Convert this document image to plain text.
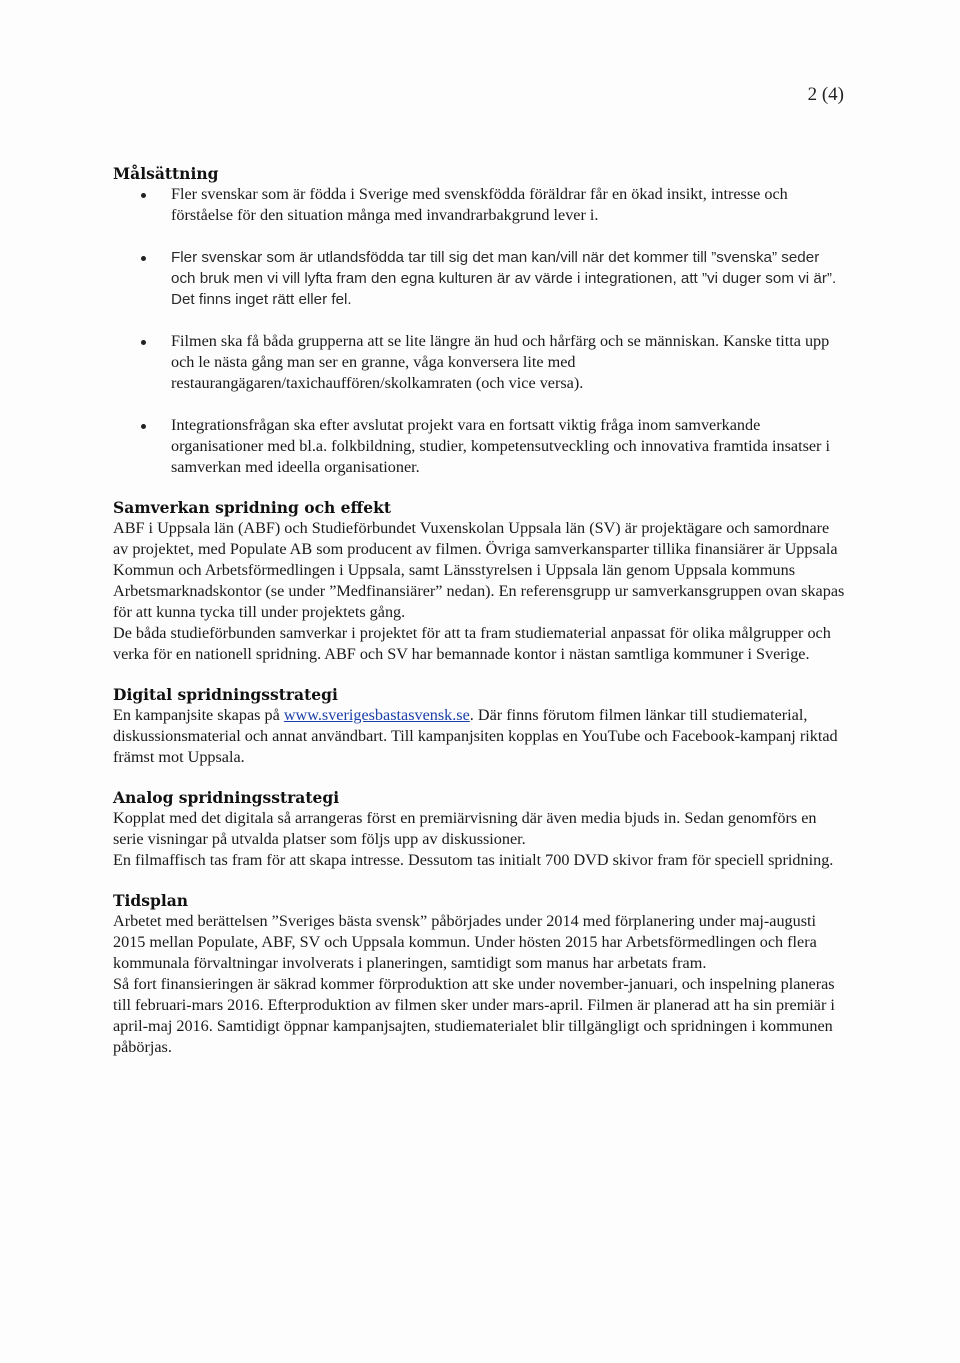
2 (4)
Målsättning
Fler svenskar som är födda i Sverige med svenskfödda föräldrar får en ökad insikt, intresse och förståelse för den situation många med invandrarbakgrund lever i.
Fler svenskar som är utlandsfödda tar till sig det man kan/vill när det kommer till ”svenska” seder och bruk men vi vill lyfta fram den egna kulturen är av värde i integrationen, att ”vi duger som vi är”. Det finns inget rätt eller fel.
Filmen ska få båda grupperna att se lite längre än hud och hårfärg och se människan. Kanske titta upp och le nästa gång man ser en granne, våga konversera lite med restaurangägaren/taxichauffören/skolkamraten (och vice versa).
Integrationsfrågan ska efter avslutat projekt vara en fortsatt viktig fråga inom samverkande organisationer med bl.a. folkbildning, studier, kompetensutveckling och innovativa framtida insatser i samverkan med ideella organisationer.
Samverkan spridning och effekt

ABF i Uppsala län (ABF) och Studieförbundet Vuxenskolan Uppsala län (SV) är projektägare och samordnare av projektet, med Populate AB som producent av filmen. Övriga samverkansparter tillika finansiärer är Uppsala Kommun och Arbetsförmedlingen i Uppsala, samt Länsstyrelsen i Uppsala län genom Uppsala kommuns Arbetsmarknadskontor (se under ”Medfinansiärer” nedan). En referensgrupp ur samverkansgruppen ovan skapas för att kunna tycka till under projektets gång.

De båda studieförbunden samverkar i projektet för att ta fram studiematerial anpassat för olika målgrupper och verka för en nationell spridning. ABF och SV har bemannade kontor i nästan samtliga kommuner i Sverige.

Digital spridningsstrategi

En kampanjsite skapas på www.sverigesbastasvensk.se. Där finns förutom filmen länkar till studiematerial, diskussionsmaterial och annat användbart. Till kampanjsiten kopplas en YouTube och Facebook-kampanj riktad främst mot Uppsala.

Analog spridningsstrategi

Kopplat med det digitala så arrangeras först en premiärvisning där även media bjuds in. Sedan genomförs en serie visningar på utvalda platser som följs upp av diskussioner.

En filmaffisch tas fram för att skapa intresse. Dessutom tas initialt 700 DVD skivor fram för speciell spridning.

Tidsplan

Arbetet med berättelsen ”Sveriges bästa svensk” påbörjades under 2014 med förplanering under maj-augusti 2015 mellan Populate, ABF, SV och Uppsala kommun. Under hösten 2015 har Arbetsförmedlingen och flera kommunala förvaltningar involverats i planeringen, samtidigt som manus har arbetats fram.

Så fort finansieringen är säkrad kommer förproduktion att ske under november-januari, och inspelning planeras till februari-mars 2016. Efterproduktion av filmen sker under mars-april. Filmen är planerad att ha sin premiär i april-maj 2016. Samtidigt öppnar kampanjsajten, studiematerialet blir tillgängligt och spridningen i kommunen påbörjas.
